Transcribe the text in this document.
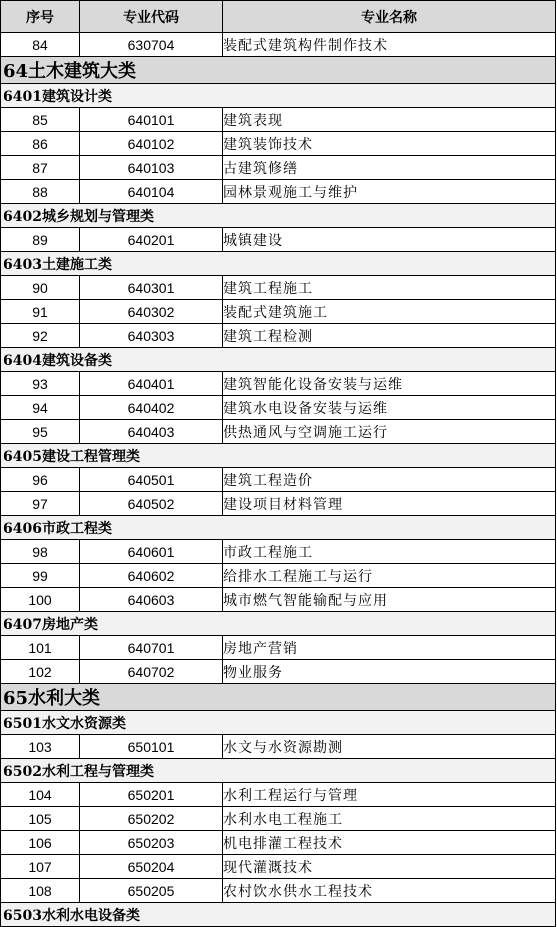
序号	专业代码	专业名称
84	630704	装配式建筑构件制作技术
64土木建筑大类		
6401建筑设计类		
85	640101	建筑表现
86	640102	建筑装饰技术
87	640103	古建筑修缮
88	640104	园林景观施工与维护
6402城乡规划与管理类		
89	640201	城镇建设
6403土建施工类		
90	640301	建筑工程施工
91	640302	装配式建筑施工
92	640303	建筑工程检测
6404建筑设备类		
93	640401	建筑智能化设备安装与运维
94	640402	建筑水电设备安装与运维
95	640403	供热通风与空调施工运行
6405建设工程管理类		
96	640501	建筑工程造价
97	640502	建设项目材料管理
6406市政工程类		
98	640601	市政工程施工
99	640602	给排水工程施工与运行
100	640603	城市燃气智能输配与应用
6407房地产类		
101	640701	房地产营销
102	640702	物业服务
65水利大类		
6501水文水资源类		
103	650101	水文与水资源勘测
6502水利工程与管理类		
104	650201	水利工程运行与管理
105	650202	水利水电工程施工
106	650203	机电排灌工程技术
107	650204	现代灌溉技术
108	650205	农村饮水供水工程技术
6503水利水电设备类		
